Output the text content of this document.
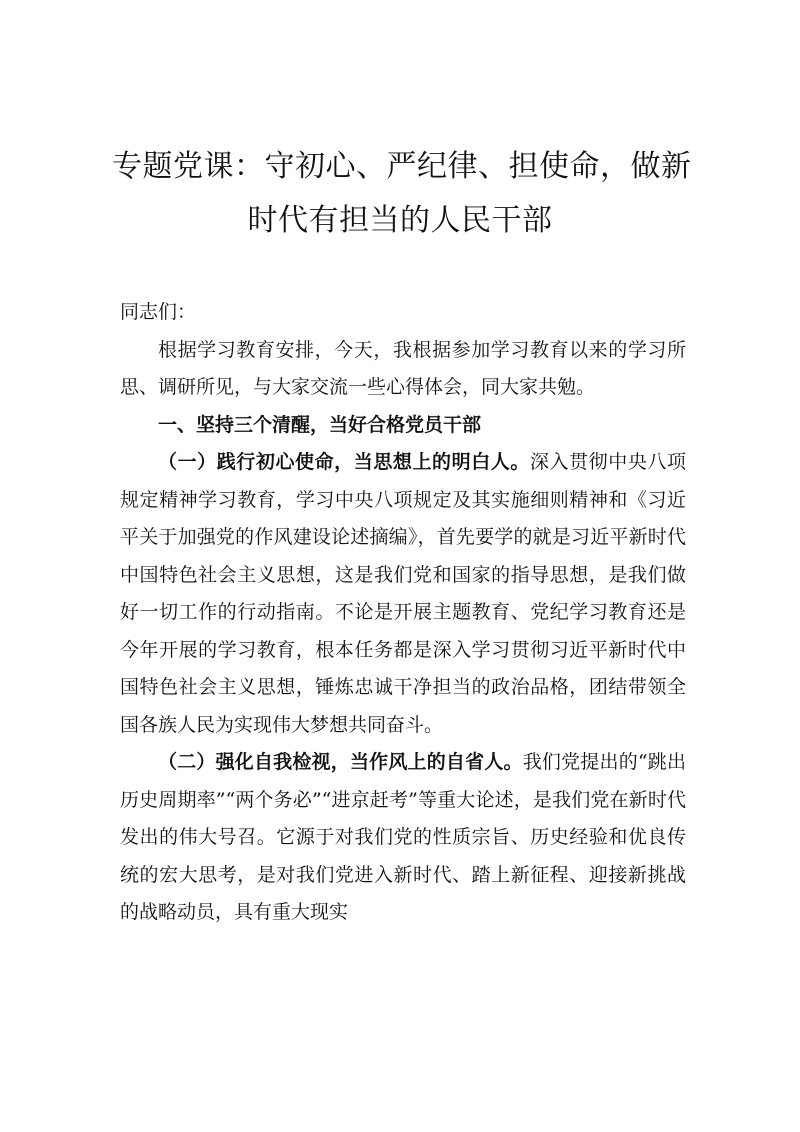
专题党课：守初心、严纪律、担使命，做新
时代有担当的人民干部

同志们：

根据学习教育安排，今天，我根据参加学习教育以来的学习所思、调研所见，与大家交流一些心得体会，同大家共勉。

一、坚持三个清醒，当好合格党员干部

（一）践行初心使命，当思想上的明白人。深入贯彻中央八项规定精神学习教育，学习中央八项规定及其实施细则精神和《习近平关于加强党的作风建设论述摘编》，首先要学的就是习近平新时代中国特色社会主义思想，这是我们党和国家的指导思想，是我们做好一切工作的行动指南。不论是开展主题教育、党纪学习教育还是今年开展的学习教育，根本任务都是深入学习贯彻习近平新时代中国特色社会主义思想，锤炼忠诚干净担当的政治品格，团结带领全国各族人民为实现伟大梦想共同奋斗。

（二）强化自我检视，当作风上的自省人。我们党提出的“跳出历史周期率”“两个务必”“进京赶考”等重大论述，是我们党在新时代发出的伟大号召。它源于对我们党的性质宗旨、历史经验和优良传统的宏大思考，是对我们党进入新时代、踏上新征程、迎接新挑战的战略动员，具有重大现实
